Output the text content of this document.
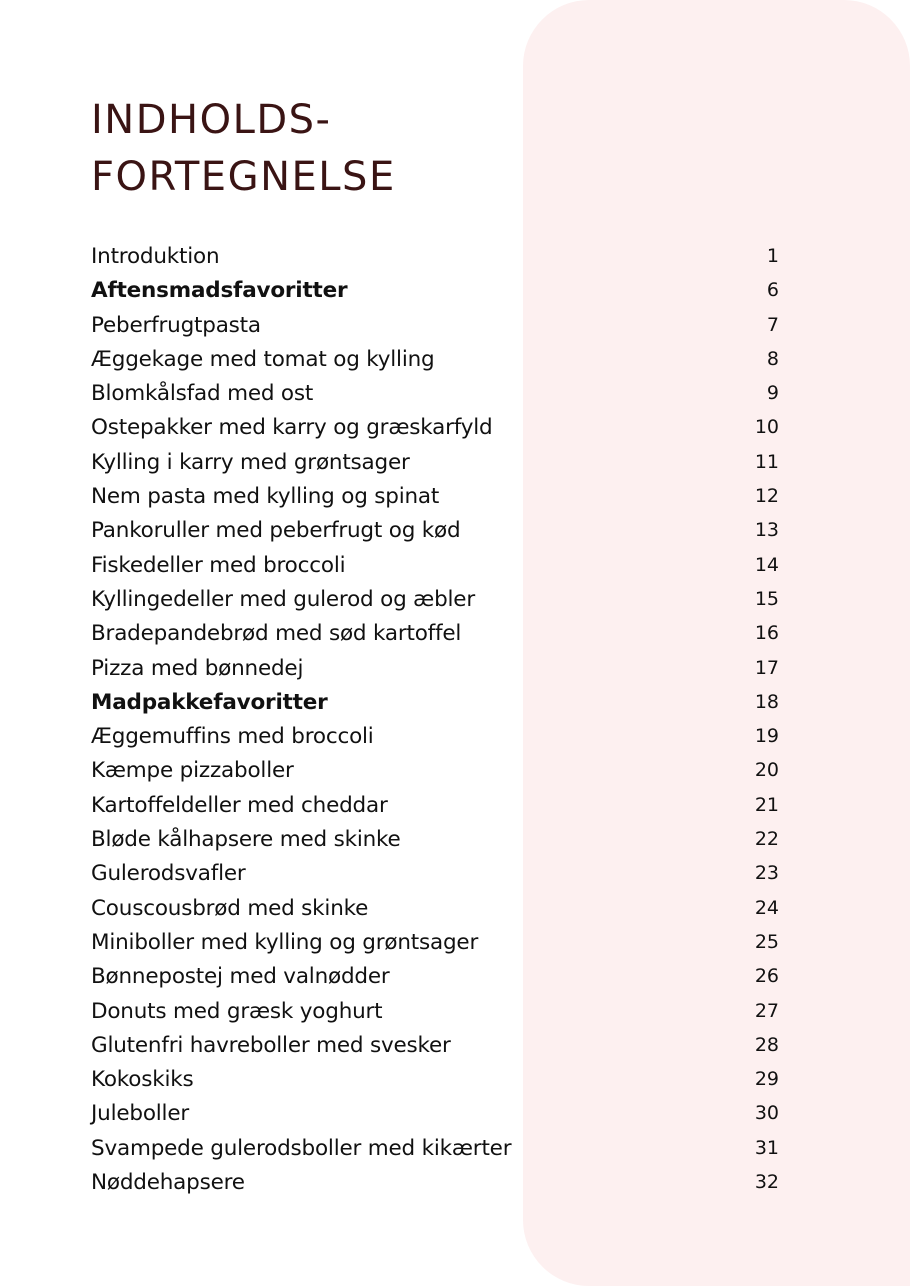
INDHOLDS-
FORTEGNELSE
Introduktion	1
Aftensmadsfavoritter	6
Peberfrugtpasta	7
Æggekage med tomat og kylling	8
Blomkålsfad med ost	9
Ostepakker med karry og græskarfyld	10
Kylling i karry med grøntsager	11
Nem pasta med kylling og spinat	12
Pankoruller med peberfrugt og kød	13
Fiskedeller med broccoli	14
Kyllingedeller med gulerod og æbler	15
Bradepandebrød med sød kartoffel	16
Pizza med bønnedej	17
Madpakkefavoritter	18
Æggemuffins med broccoli	19
Kæmpe pizzaboller	20
Kartoffeldeller med cheddar	21
Bløde kålhapsere med skinke	22
Gulerodsvafler	23
Couscousbrød med skinke	24
Miniboller med kylling og grøntsager	25
Bønnepostej med valnødder	26
Donuts med græsk yoghurt	27
Glutenfri havreboller med svesker	28
Kokoskiks	29
Juleboller	30
Svampede gulerodsboller med kikærter	31
Nøddehapsere	32
